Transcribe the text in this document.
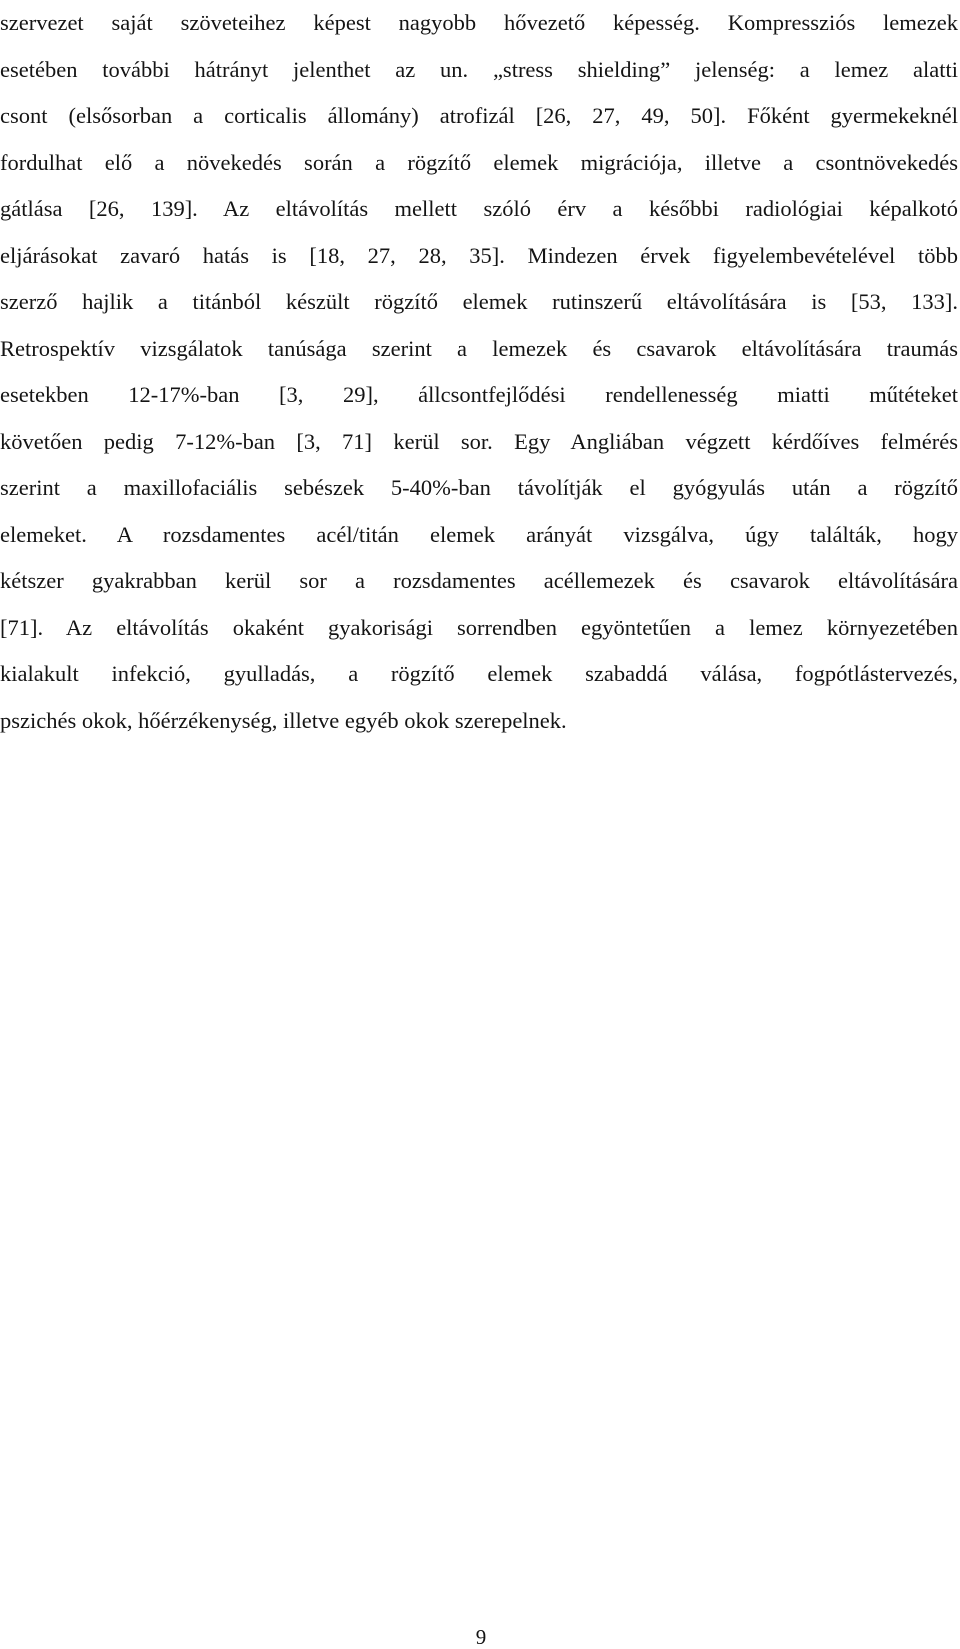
szervezet saját szöveteihez képest nagyobb hővezető képesség. Kompressziós lemezek
esetében további hátrányt jelenthet az un. „stress shielding” jelenség: a lemez alatti
csont (elsősorban a corticalis állomány) atrofizál [26, 27, 49, 50]. Főként gyermekeknél
fordulhat elő a növekedés során a rögzítő elemek migrációja, illetve a csontnövekedés
gátlása [26, 139]. Az eltávolítás mellett szóló érv a későbbi radiológiai képalkotó
eljárásokat zavaró hatás is [18, 27, 28, 35]. Mindezen érvek figyelembevételével több
szerző hajlik a titánból készült rögzítő elemek rutinszerű eltávolítására is [53, 133].
Retrospektív vizsgálatok tanúsága szerint a lemezek és csavarok eltávolítására traumás
esetekben 12-17%-ban [3, 29], állcsontfejlődési rendellenesség miatti műtéteket
követően pedig 7-12%-ban [3, 71] kerül sor. Egy Angliában végzett kérdőíves felmérés
szerint a maxillofaciális sebészek 5-40%-ban távolítják el gyógyulás után a rögzítő
elemeket. A rozsdamentes acél/titán elemek arányát vizsgálva, úgy találták, hogy
kétszer gyakrabban kerül sor a rozsdamentes acéllemezek és csavarok eltávolítására
[71]. Az eltávolítás okaként gyakorisági sorrendben egyöntetűen a lemez környezetében
kialakult infekció, gyulladás, a rögzítő elemek szabaddá válása, fogpótlástervezés,
pszichés okok, hőérzékenység, illetve egyéb okok szerepelnek.
9
